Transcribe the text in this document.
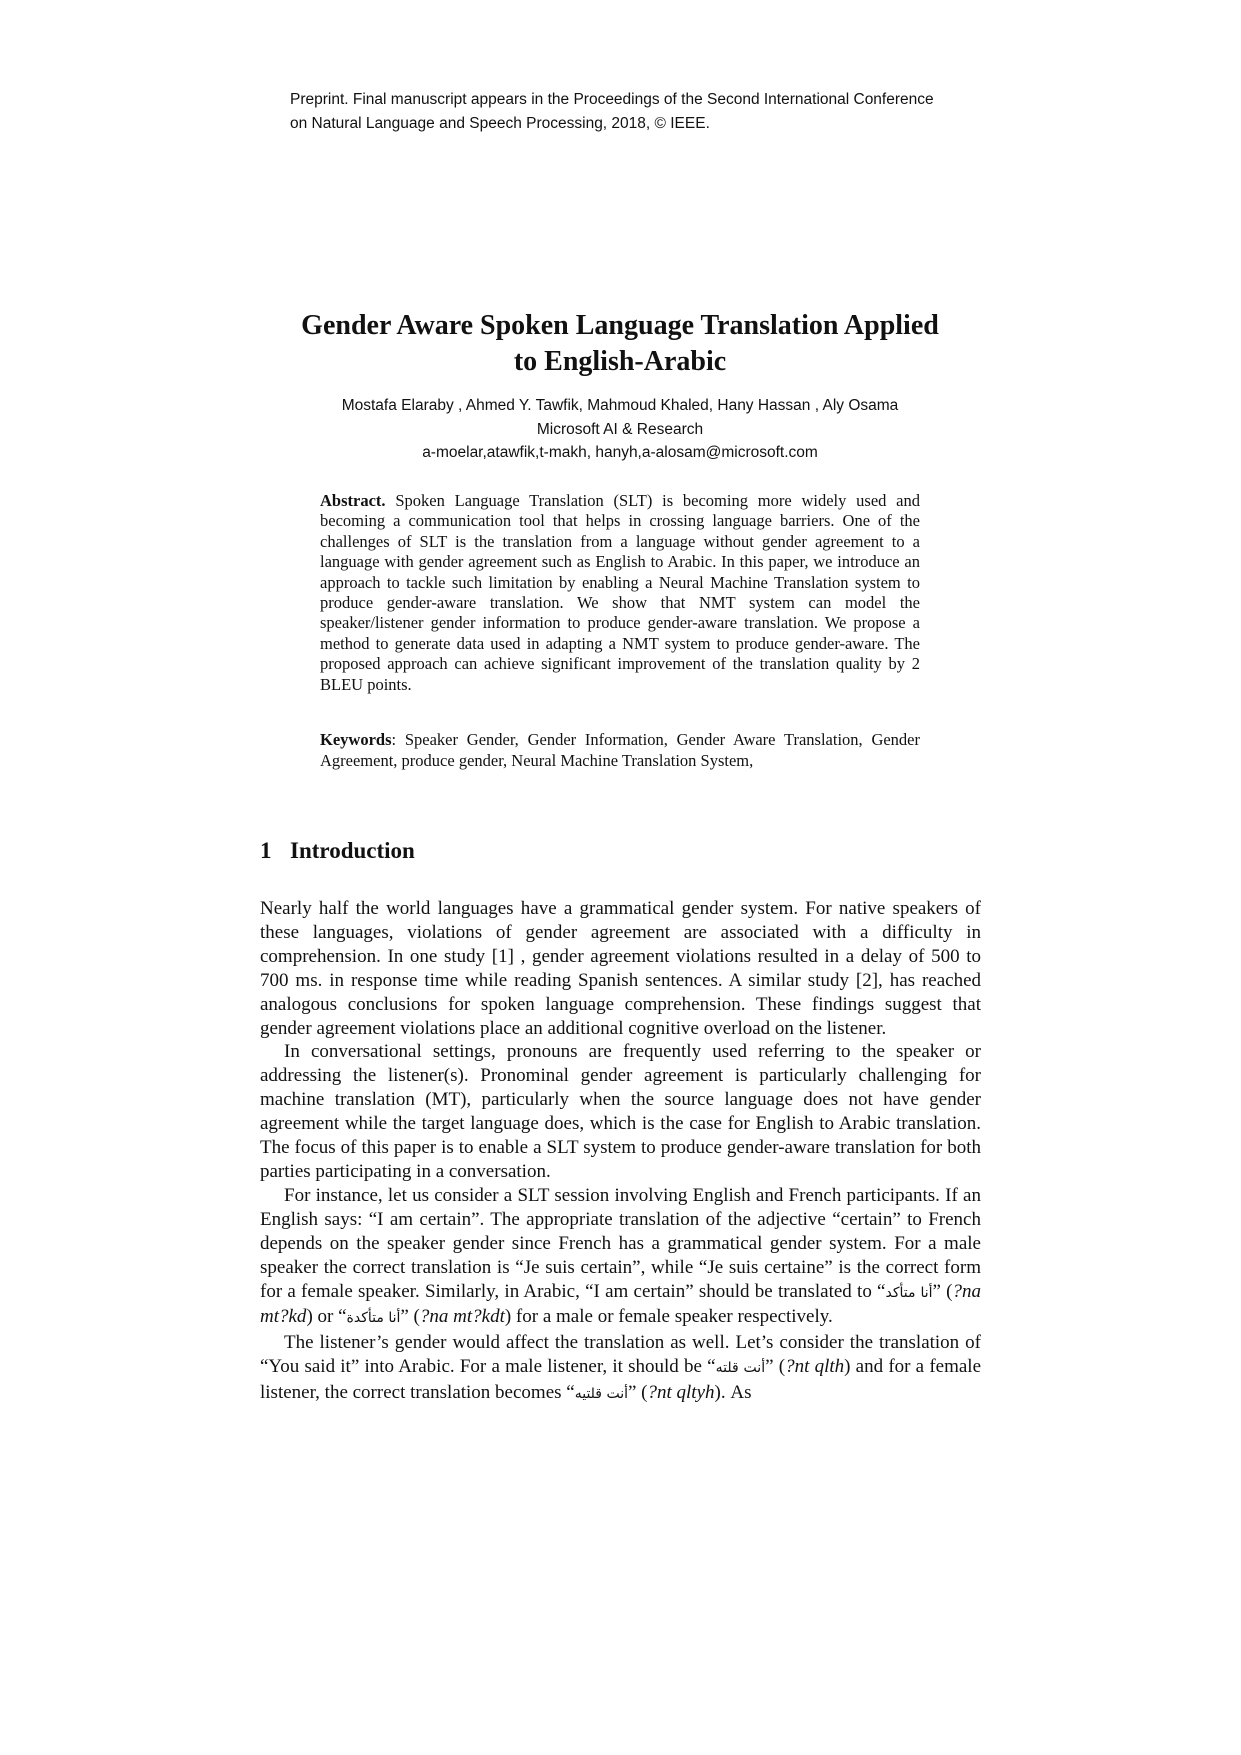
Preprint. Final manuscript appears in the Proceedings of the Second International Conference
on Natural Language and Speech Processing, 2018, © IEEE.
Gender Aware Spoken Language Translation Applied
to English-Arabic
Mostafa Elaraby , Ahmed Y. Tawfik, Mahmoud Khaled, Hany Hassan , Aly Osama
Microsoft AI & Research
a-moelar,atawfik,t-makh, hanyh,a-alosam@microsoft.com
Abstract. Spoken Language Translation (SLT) is becoming more widely used and becoming a communication tool that helps in crossing language barriers. One of the challenges of SLT is the translation from a language without gender agreement to a language with gender agreement such as English to Arabic. In this paper, we introduce an approach to tackle such limitation by enabling a Neural Machine Translation system to produce gender-aware translation. We show that NMT system can model the speaker/listener gender information to produce gender-aware translation. We propose a method to generate data used in adapting a NMT system to produce gender-aware. The proposed approach can achieve significant improvement of the translation quality by 2 BLEU points.
Keywords: Speaker Gender, Gender Information, Gender Aware Translation, Gender Agreement, produce gender, Neural Machine Translation System,
1 Introduction

Nearly half the world languages have a grammatical gender system. For native speakers of these languages, violations of gender agreement are associated with a difficulty in comprehension. In one study [1] , gender agreement violations resulted in a delay of 500 to 700 ms. in response time while reading Spanish sentences. A similar study [2], has reached analogous conclusions for spoken language comprehension. These findings suggest that gender agreement violations place an additional cognitive overload on the listener.

In conversational settings, pronouns are frequently used referring to the speaker or addressing the listener(s). Pronominal gender agreement is particularly challenging for machine translation (MT), particularly when the source language does not have gender agreement while the target language does, which is the case for English to Arabic translation. The focus of this paper is to enable a SLT system to produce gender-aware translation for both parties participating in a conversation.

For instance, let us consider a SLT session involving English and French participants. If an English says: “I am certain”. The appropriate translation of the adjective “certain” to French depends on the speaker gender since French has a grammatical gender system. For a male speaker the correct translation is “Je suis certain”, while “Je suis certaine” is the correct form for a female speaker. Similarly, in Arabic, “I am certain” should be translated to “أنا متأكد” (?na mt?kd) or “أنا متأكدة” (?na mt?kdt) for a male or female speaker respectively.

The listener’s gender would affect the translation as well. Let’s consider the translation of “You said it” into Arabic. For a male listener, it should be “أنت قلته” (?nt qlth) and for a female listener, the correct translation becomes “أنت قلتيه” (?nt qltyh). As
